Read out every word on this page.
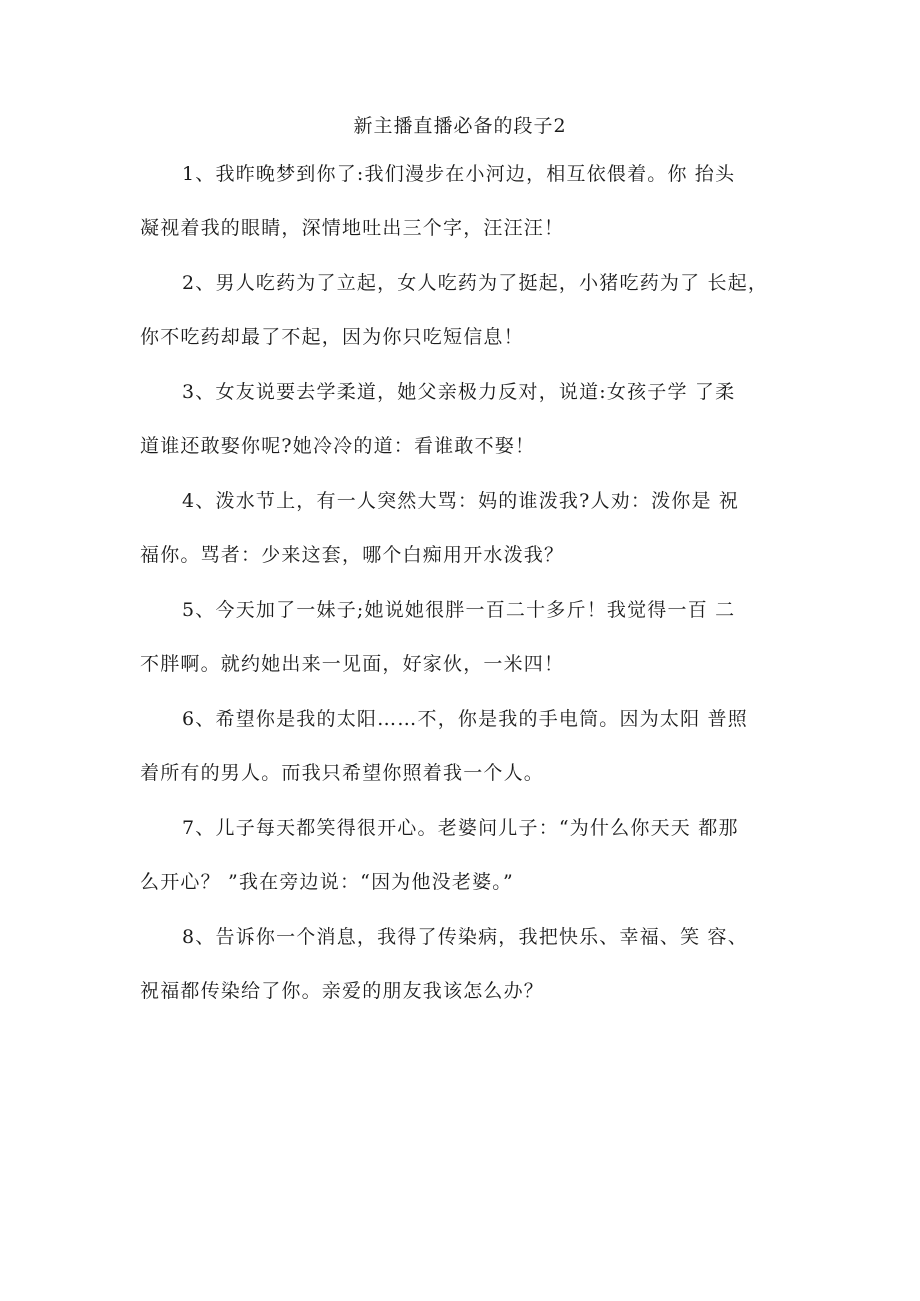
新主播直播必备的段子2
1、我昨晚梦到你了:我们漫步在小河边，相互依偎着。你 抬头
凝视着我的眼睛，深情地吐出三个字，汪汪汪！
2、男人吃药为了立起，女人吃药为了挺起，小猪吃药为了 长起，
你不吃药却最了不起，因为你只吃短信息！
3、女友说要去学柔道，她父亲极力反对，说道:女孩子学 了柔
道谁还敢娶你呢?她冷冷的道：看谁敢不娶！
4、泼水节上，有一人突然大骂：妈的谁泼我?人劝：泼你是 祝
福你。骂者：少来这套，哪个白痴用开水泼我？
5、今天加了一妹子;她说她很胖一百二十多斤！我觉得一百 二
不胖啊。就约她出来一见面，好家伙，一米四！
6、希望你是我的太阳……不，你是我的手电筒。因为太阳 普照
着所有的男人。而我只希望你照着我一个人。
7、儿子每天都笑得很开心。老婆问儿子：“为什么你天天 都那
么开心？ ”我在旁边说：“因为他没老婆。”
8、告诉你一个消息，我得了传染病，我把快乐、幸福、笑 容、
祝福都传染给了你。亲爱的朋友我该怎么办？
